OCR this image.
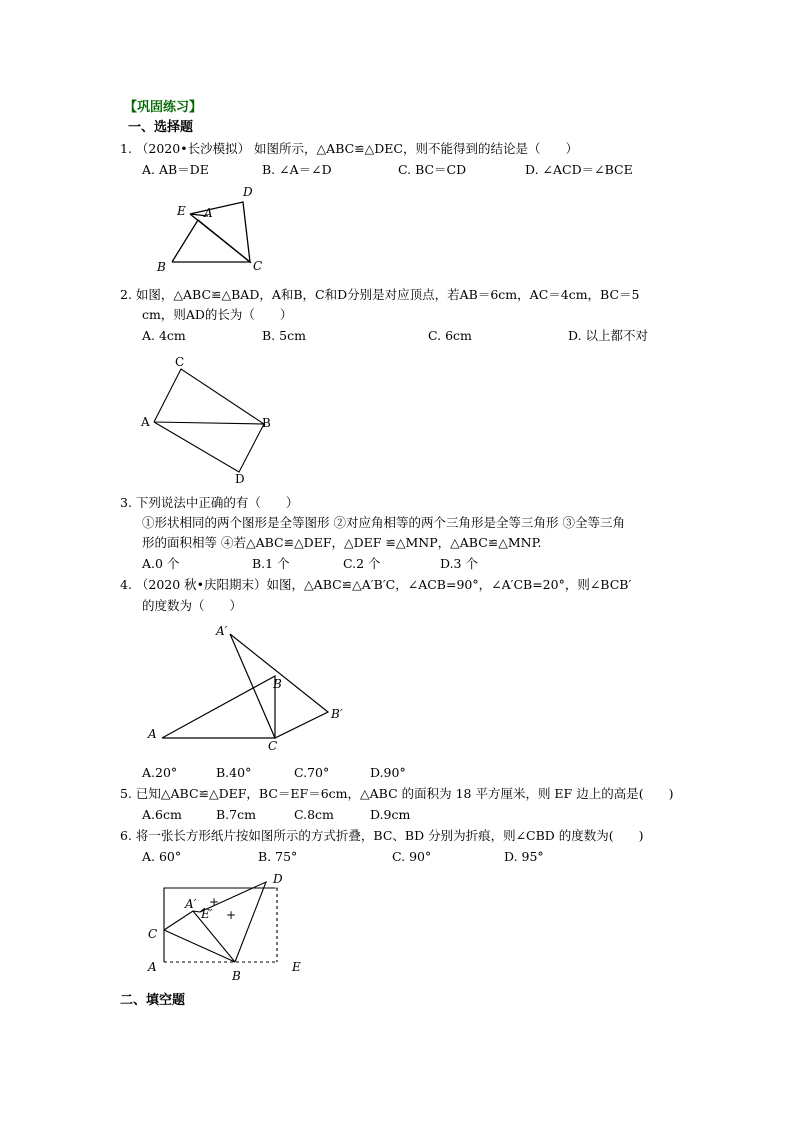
【巩固练习】
一、选择题
1. （2020•长沙模拟） 如图所示，△ABC≌△DEC，则不能得到的结论是（　　）
A. AB＝DE	B. ∠A＝∠D	C. BC＝CD	D. ∠ACD＝∠BCE
D
E A
B	C
2. 如图，△ABC≌△BAD，A和B，C和D分别是对应顶点，若AB＝6cm，AC＝4cm，BC＝5
cm，则AD的长为（　　）
A. 4cm	B. 5cm	C. 6cm	D. 以上都不对
C
A	B
D
3. 下列说法中正确的有（　　）
①形状相同的两个图形是全等图形 ②对应角相等的两个三角形是全等三角形 ③全等三角
形的面积相等 ④若△ABC≌△DEF，△DEF ≌△MNP，△ABC≌△MNP.
A.0 个	B.1 个	C.2 个	D.3 个
4. （2020 秋•庆阳期末）如图，△ABC≌△A′B′C，∠ACB=90°，∠A′CB=20°，则∠BCB′
的度数为（　　）
A′
B
B′
A
C
A.20°	B.40°	C.70°	D.90°
5. 已知△ABC≌△DEF，BC＝EF＝6cm，△ABC 的面积为 18 平方厘米，则 EF 边上的高是(　　)
A.6cm	B.7cm	C.8cm	D.9cm
6. 将一张长方形纸片按如图所示的方式折叠，BC、BD 分别为折痕，则∠CBD 的度数为(　　)
A. 60°	B. 75°	C. 90°	D. 95°
+
+
D
A′
E′
C
A
B
E
二、填空题
